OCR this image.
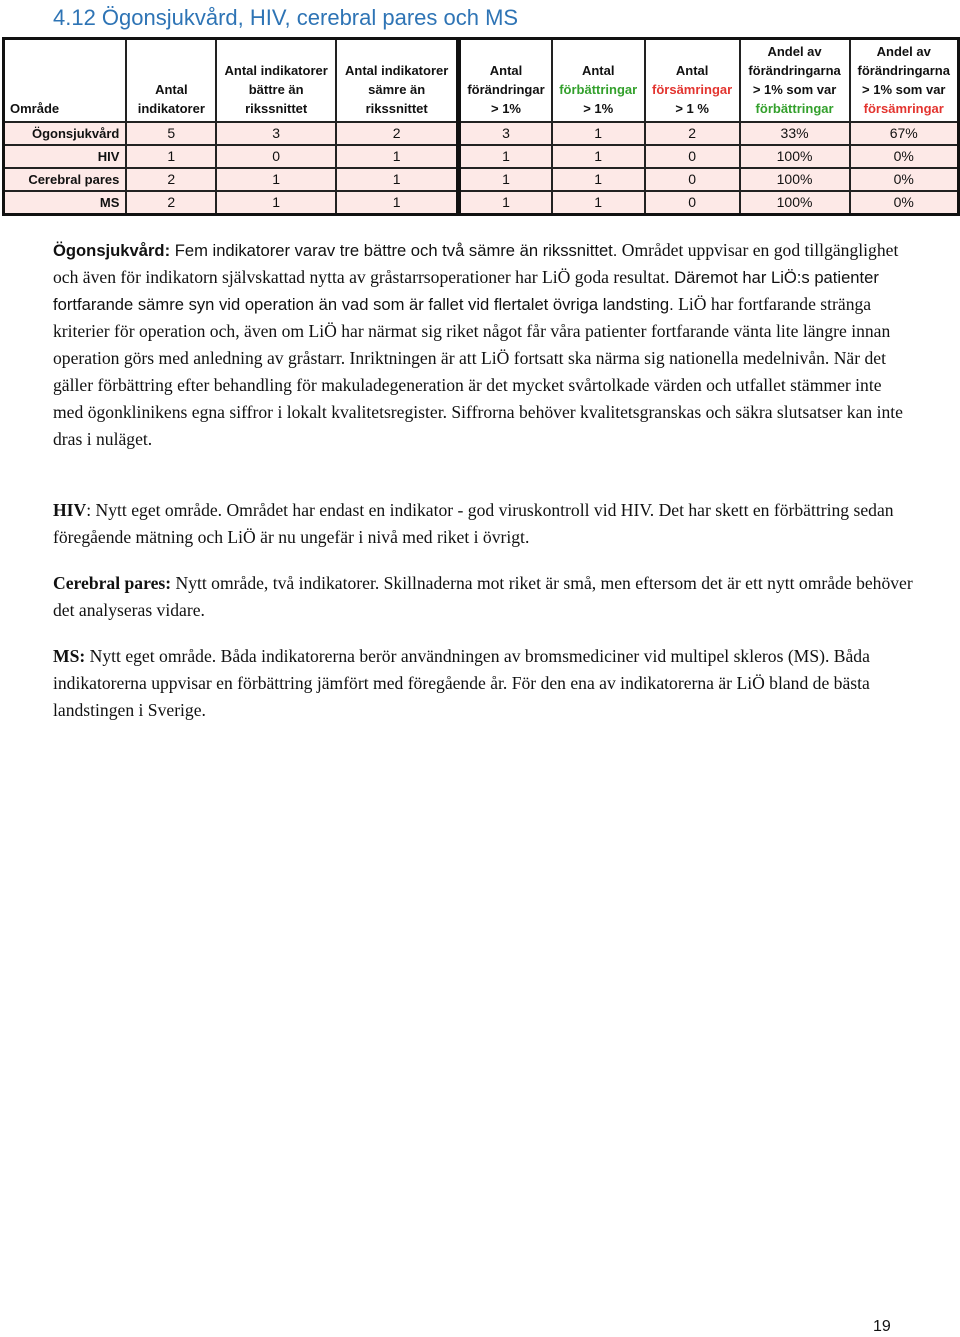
4.12 Ögonsjukvård, HIV, cerebral pares och MS
Område	Antal
indikatorer	Antal indikatorer
bättre än
rikssnittet	Antal indikatorer
sämre än
rikssnittet	Antal
förändringar
> 1%	Antal
förbättringar
> 1%	Antal
försämringar
> 1 %	Andel av
förändringarna
> 1% som var
förbättringar	Andel av
förändringarna
> 1% som var
försämringar
Ögonsjukvård	5	3	2	3	1	2	33%	67%
HIV	1	0	1	1	1	0	100%	0%
Cerebral pares	2	1	1	1	1	0	100%	0%
MS	2	1	1	1	1	0	100%	0%

Ögonsjukvård: Fem indikatorer varav tre bättre och två sämre än rikssnittet. Området uppvisar en god tillgänglighet och även för indikatorn självskattad nytta av gråstarrsoperationer har LiÖ goda resultat. Däremot har LiÖ:s patienter fortfarande sämre syn vid operation än vad som är fallet vid flertalet övriga landsting. LiÖ har fortfarande stränga kriterier för operation och, även om LiÖ har närmat sig riket något får våra patienter fortfarande vänta lite längre innan operation görs med anledning av gråstarr. Inriktningen är att LiÖ fortsatt ska närma sig nationella medelnivån. När det gäller förbättring efter behandling för makuladegeneration är det mycket svårtolkade värden och utfallet stämmer inte med ögonklinikens egna siffror i lokalt kvalitetsregister. Siffrorna behöver kvalitetsgranskas och säkra slutsatser kan inte dras i nuläget.

HIV: Nytt eget område. Området har endast en indikator - god viruskontroll vid HIV. Det har skett en förbättring sedan föregående mätning och LiÖ är nu ungefär i nivå med riket i övrigt.

Cerebral pares: Nytt område, två indikatorer. Skillnaderna mot riket är små, men eftersom det är ett nytt område behöver det analyseras vidare.

MS: Nytt eget område. Båda indikatorerna berör användningen av bromsmediciner vid multipel skleros (MS). Båda indikatorerna uppvisar en förbättring jämfört med föregående år. För den ena av indikatorerna är LiÖ bland de bästa landstingen i Sverige.

19
